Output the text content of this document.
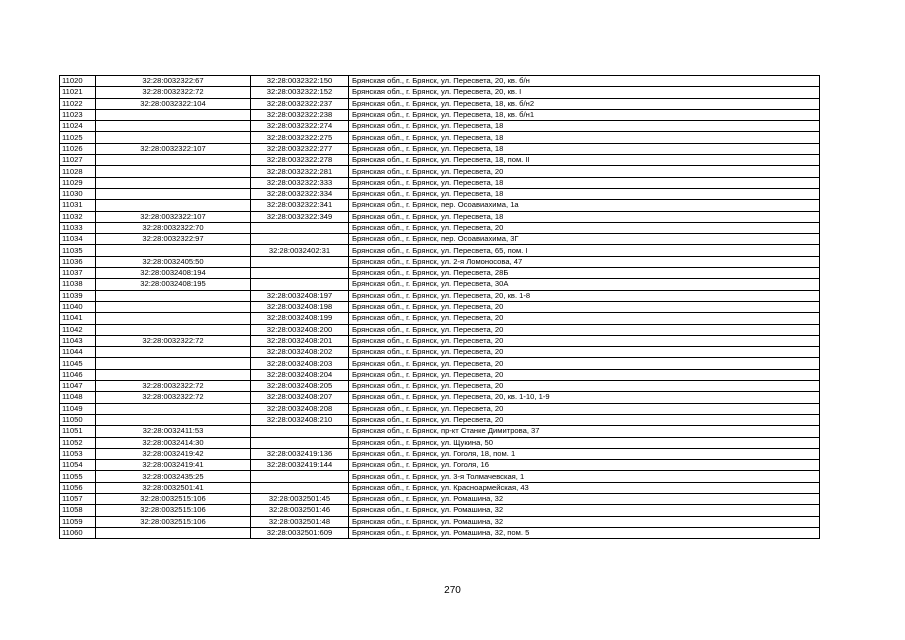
11020	32:28:0032322:67	32:28:0032322:150	Брянская обл., г. Брянск, ул. Пересвета, 20, кв. б/н
11021	32:28:0032322:72	32:28:0032322:152	Брянская обл., г. Брянск, ул. Пересвета, 20, кв. I
11022	32:28:0032322:104	32:28:0032322:237	Брянская обл., г. Брянск, ул. Пересвета, 18, кв. б/н2
11023		32:28:0032322:238	Брянская обл., г. Брянск, ул. Пересвета, 18, кв. б/н1
11024		32:28:0032322:274	Брянская обл., г. Брянск, ул. Пересвета, 18
11025		32:28:0032322:275	Брянская обл., г. Брянск, ул. Пересвета, 18
11026	32:28:0032322:107	32:28:0032322:277	Брянская обл., г. Брянск, ул. Пересвета, 18
11027		32:28:0032322:278	Брянская обл., г. Брянск, ул. Пересвета, 18, пом. II
11028		32:28:0032322:281	Брянская обл., г. Брянск, ул. Пересвета, 20
11029		32:28:0032322:333	Брянская обл., г. Брянск, ул. Пересвета, 18
11030		32:28:0032322:334	Брянская обл., г. Брянск, ул. Пересвета, 18
11031		32:28:0032322:341	Брянская обл., г. Брянск, пер. Осоавиахима, 1а
11032	32:28:0032322:107	32:28:0032322:349	Брянская обл., г. Брянск, ул. Пересвета, 18
11033	32:28:0032322:70		Брянская обл., г. Брянск, ул. Пересвета, 20
11034	32:28:0032322:97		Брянская обл., г. Брянск, пер. Осоавиахима, 3Г
11035		32:28:0032402:31	Брянская обл., г. Брянск, ул. Пересвета, 65, пом. I
11036	32:28:0032405:50		Брянская обл., г. Брянск, ул. 2-я Ломоносова, 47
11037	32:28:0032408:194		Брянская обл., г. Брянск, ул. Пересвета, 28Б
11038	32:28:0032408:195		Брянская обл., г. Брянск, ул. Пересвета, 30А
11039		32:28:0032408:197	Брянская обл., г. Брянск, ул. Пересвета, 20, кв. 1-8
11040		32:28:0032408:198	Брянская обл., г. Брянск, ул. Пересвета, 20
11041		32:28:0032408:199	Брянская обл., г. Брянск, ул. Пересвета, 20
11042		32:28:0032408:200	Брянская обл., г. Брянск, ул. Пересвета, 20
11043	32:28:0032322:72	32:28:0032408:201	Брянская обл., г. Брянск, ул. Пересвета, 20
11044		32:28:0032408:202	Брянская обл., г. Брянск, ул. Пересвета, 20
11045		32:28:0032408:203	Брянская обл., г. Брянск, ул. Пересвета, 20
11046		32:28:0032408:204	Брянская обл., г. Брянск, ул. Пересвета, 20
11047	32:28:0032322:72	32:28:0032408:205	Брянская обл., г. Брянск, ул. Пересвета, 20
11048	32:28:0032322:72	32:28:0032408:207	Брянская обл., г. Брянск, ул. Пересвета, 20, кв. 1-10, 1-9
11049		32:28:0032408:208	Брянская обл., г. Брянск, ул. Пересвета, 20
11050		32:28:0032408:210	Брянская обл., г. Брянск, ул. Пересвета, 20
11051	32:28:0032411:53		Брянская обл., г. Брянск, пр-кт Станке Димитрова, 37
11052	32:28:0032414:30		Брянская обл., г. Брянск, ул. Щукина, 50
11053	32:28:0032419:42	32:28:0032419:136	Брянская обл., г. Брянск, ул. Гоголя, 18, пом. 1
11054	32:28:0032419:41	32:28:0032419:144	Брянская обл., г. Брянск, ул. Гоголя, 16
11055	32:28:0032435:25		Брянская обл., г. Брянск, ул. 3-я Толмачевская, 1
11056	32:28:0032501:41		Брянская обл., г. Брянск, ул. Красноармейская, 43
11057	32:28:0032515:106	32:28:0032501:45	Брянская обл., г. Брянск, ул. Ромашина, 32
11058	32:28:0032515:106	32:28:0032501:46	Брянская обл., г. Брянск, ул. Ромашина, 32
11059	32:28:0032515:106	32:28:0032501:48	Брянская обл., г. Брянск, ул. Ромашина, 32
11060		32:28:0032501:609	Брянская обл., г. Брянск, ул. Ромашина, 32, пом. 5
270
